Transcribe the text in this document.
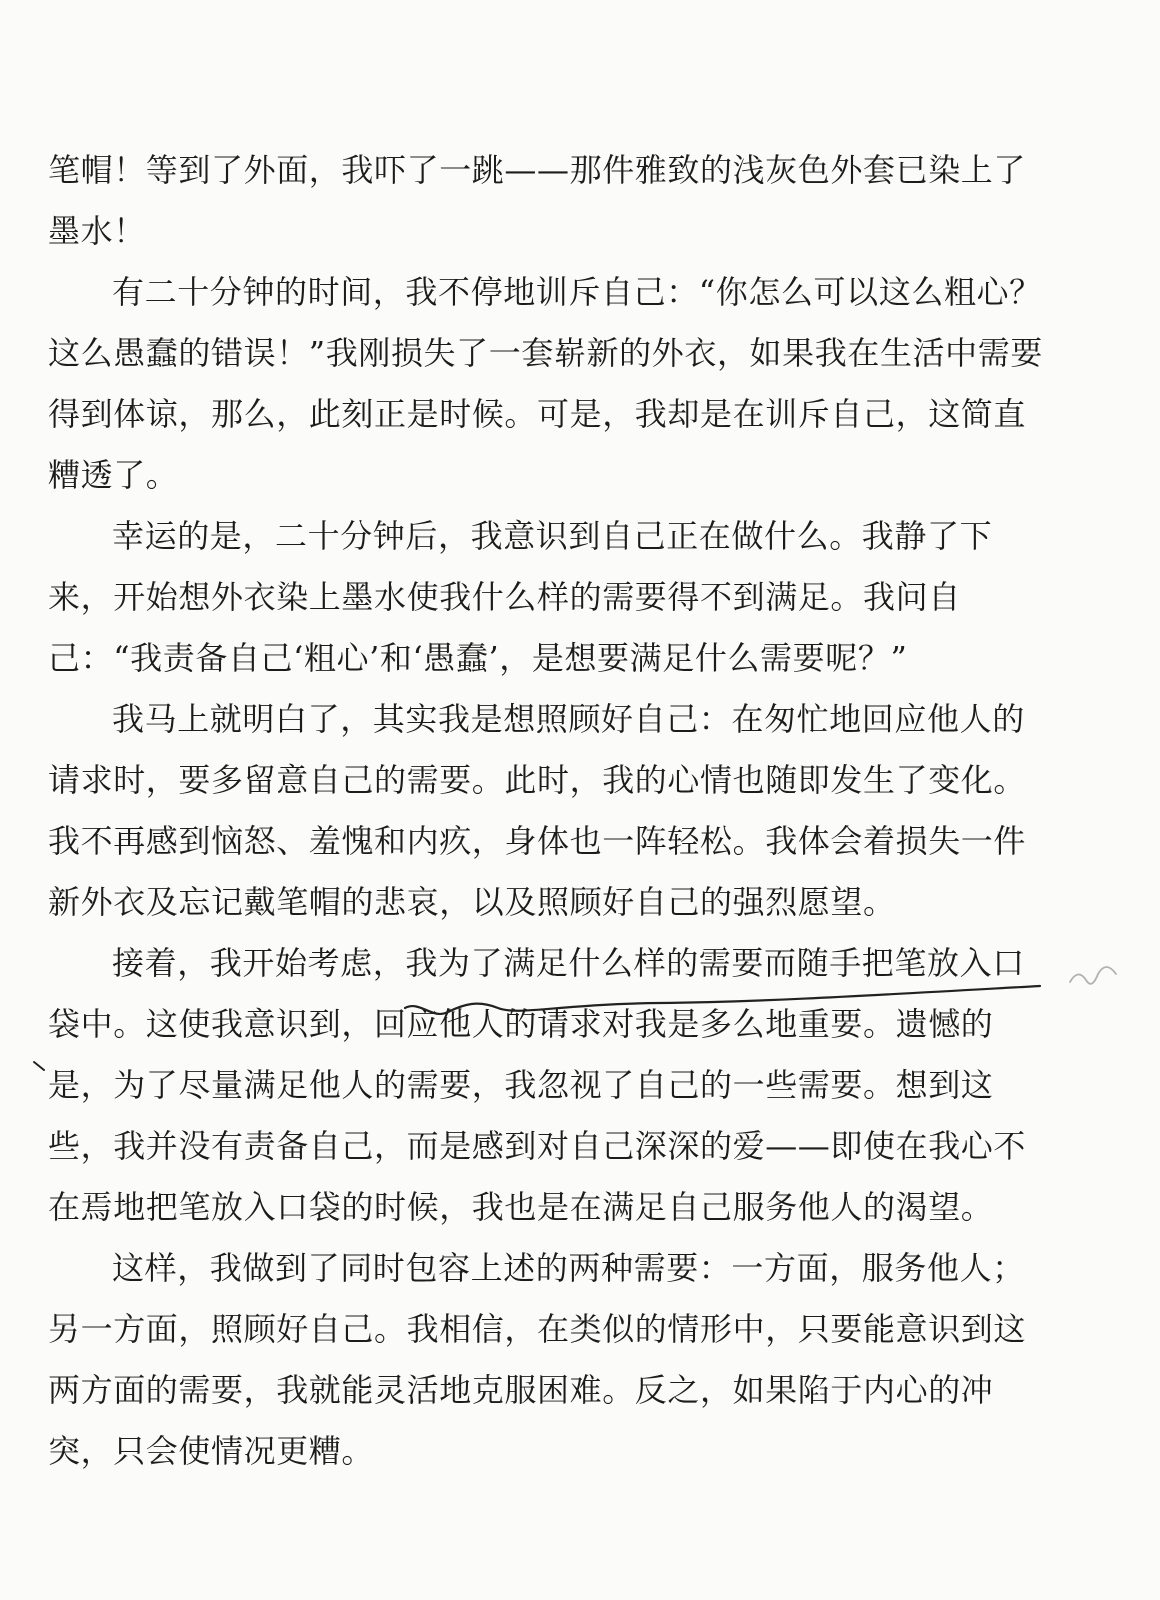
笔帽！等到了外面，我吓了一跳——那件雅致的浅灰色外套已染上了墨水！

有二十分钟的时间，我不停地训斥自己：“你怎么可以这么粗心？这么愚蠢的错误！”我刚损失了一套崭新的外衣，如果我在生活中需要得到体谅，那么，此刻正是时候。可是，我却是在训斥自己，这简直糟透了。

幸运的是，二十分钟后，我意识到自己正在做什么。我静了下来，开始想外衣染上墨水使我什么样的需要得不到满足。我问自己：“我责备自己‘粗心’和‘愚蠢’，是想要满足什么需要呢？”

我马上就明白了，其实我是想照顾好自己：在匆忙地回应他人的请求时，要多留意自己的需要。此时，我的心情也随即发生了变化。我不再感到恼怒、羞愧和内疚，身体也一阵轻松。我体会着损失一件新外衣及忘记戴笔帽的悲哀，以及照顾好自己的强烈愿望。

接着，我开始考虑，我为了满足什么样的需要而随手把笔放入口袋中。这使我意识到，回应他人的请求对我是多么地重要。遗憾的是，为了尽量满足他人的需要，我忽视了自己的一些需要。想到这些，我并没有责备自己，而是感到对自己深深的爱——即使在我心不在焉地把笔放入口袋的时候，我也是在满足自己服务他人的渴望。

这样，我做到了同时包容上述的两种需要：一方面，服务他人；另一方面，照顾好自己。我相信，在类似的情形中，只要能意识到这两方面的需要，我就能灵活地克服困难。反之，如果陷于内心的冲突，只会使情况更糟。
